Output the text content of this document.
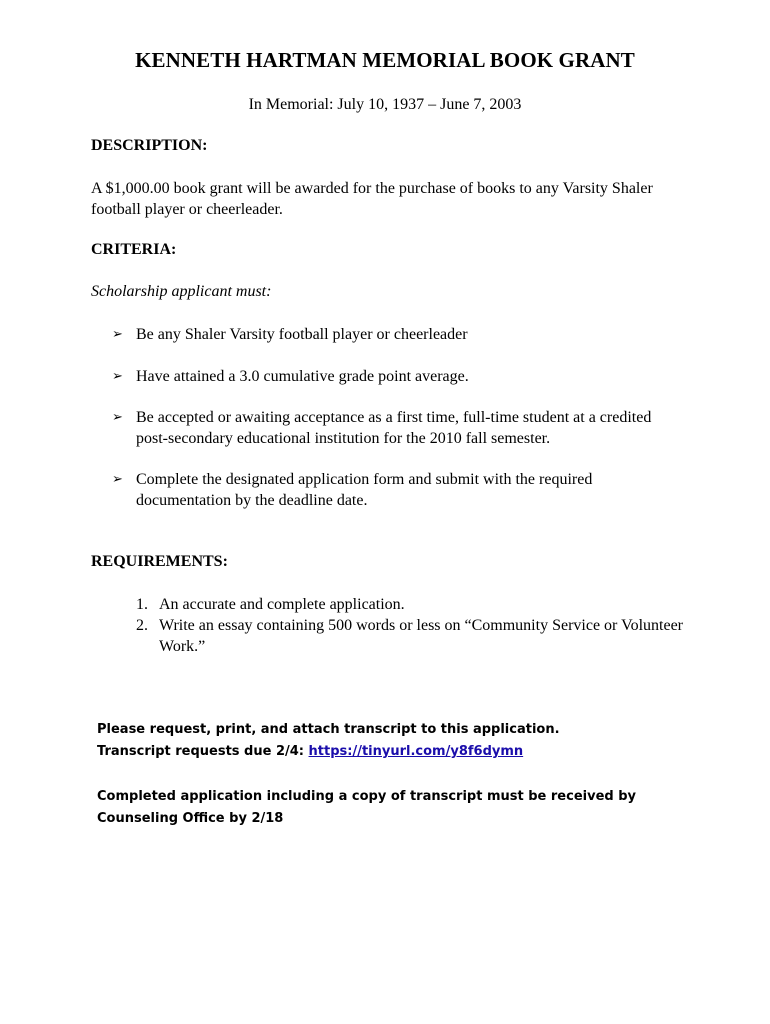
KENNETH HARTMAN MEMORIAL BOOK GRANT
In Memorial: July 10, 1937 – June 7, 2003
DESCRIPTION:
A $1,000.00 book grant will be awarded for the purchase of books to any Varsity Shaler football player or cheerleader.
CRITERIA:
Scholarship applicant must:
➢ Be any Shaler Varsity football player or cheerleader
➢ Have attained a 3.0 cumulative grade point average.
➢ Be accepted or awaiting acceptance as a first time, full-time student at a credited post-secondary educational institution for the 2010 fall semester.
➢ Complete the designated application form and submit with the required documentation by the deadline date.
REQUIREMENTS:
1. An accurate and complete application.
2. Write an essay containing 500 words or less on “Community Service or Volunteer Work.”
Please request, print, and attach transcript to this application.
Transcript requests due 2/4: https://tinyurl.com/y8f6dymn
Completed application including a copy of transcript must be received by Counseling Office by 2/18
